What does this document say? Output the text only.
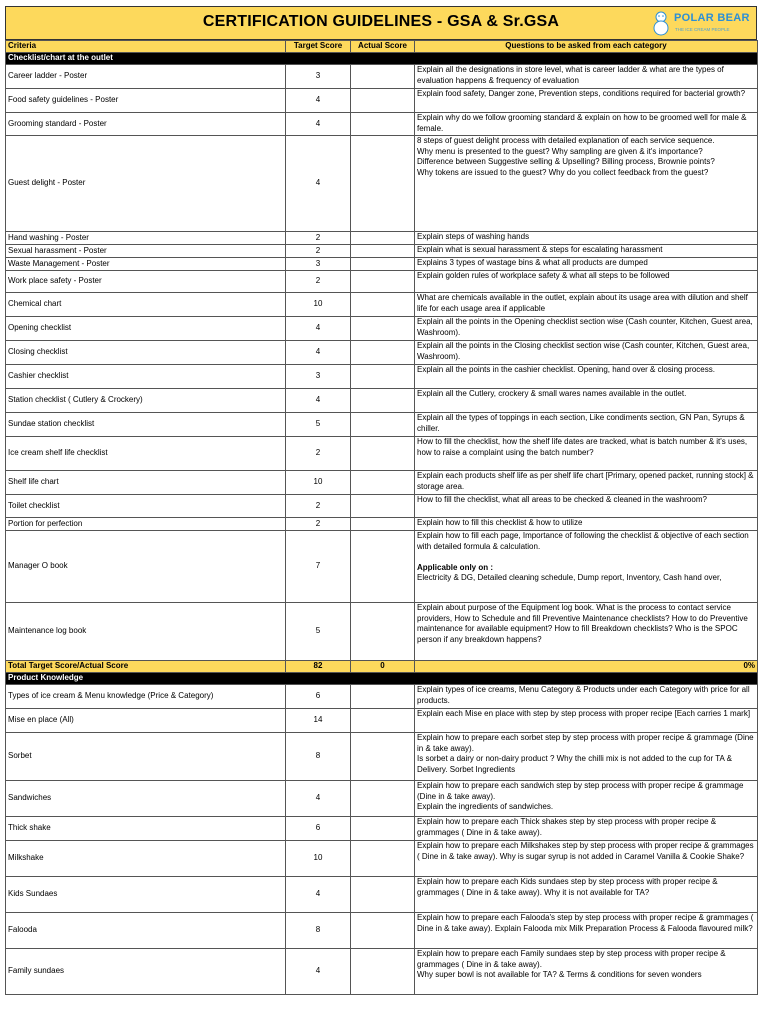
CERTIFICATION GUIDELINES - GSA & Sr.GSA	POLAR BEAR
THE ICE CREAM PEOPLE
Criteria	Target Score	Actual Score	Questions to be asked from each category
Checklist/chart at the outlet			
Career ladder - Poster	3		Explain all the designations in store level, what is career ladder & what are the types of evaluation happens & frequency of evaluation
Food safety guidelines - Poster	4		Explain food safety, Danger zone, Prevention steps, conditions required for bacterial growth?
Grooming standard - Poster	4		Explain why do we follow grooming standard & explain on how to be groomed well for male & female.
Guest delight - Poster	4		8 steps of guest delight process with detailed explanation of each service sequence.
Why menu is presented to the guest? Why sampling are given & it's importance?
Difference between Suggestive selling & Upselling? Billing process, Brownie points?
Why tokens are issued to the guest? Why do you collect feedback from the guest?
Hand washing - Poster	2		Explain steps of washing hands
Sexual harassment - Poster	2		Explain what is sexual harassment & steps for escalating harassment
Waste Management - Poster	3		Explains 3 types of wastage bins & what all products are dumped
Work place safety - Poster	2		Explain golden rules of workplace safety & what all steps to be followed
Chemical chart	10		What are chemicals available in the outlet, explain about its usage area with dilution and shelf life for each usage area if applicable
Opening checklist	4		Explain all the points in the Opening checklist section wise (Cash counter, Kitchen, Guest area, Washroom).
Closing checklist	4		Explain all the points in the Closing checklist section wise (Cash counter, Kitchen, Guest area, Washroom).
Cashier checklist	3		Explain all the points in the cashier checklist. Opening, hand over & closing process.
Station checklist ( Cutlery & Crockery)	4		Explain all the Cutlery, crockery & small wares names available in the outlet.
Sundae station checklist	5		Explain all the types of toppings in each section, Like condiments section, GN Pan, Syrups & chiller.
Ice cream shelf life checklist	2		How to fill the checklist, how the shelf life dates are tracked, what is batch number & it's uses, how to raise a complaint using the batch number?
Shelf life chart	10		Explain each products shelf life as per shelf life chart [Primary, opened packet, running stock] & storage area.
Toilet checklist	2		How to fill the checklist, what all areas to be checked & cleaned in the washroom?
Portion for perfection	2		Explain how to fill this checklist & how to utilize
Manager O book	7		Explain how to fill each page, Importance of following the checklist & objective of each section with detailed formula & calculation.

Applicable only on :
Electricity & DG, Detailed cleaning schedule, Dump report, Inventory, Cash hand over,
Maintenance log book	5		Explain about purpose of the Equipment log book. What is the process to contact service providers, How to Schedule and fill Preventive Maintenance checklists? How to do Preventive maintenance for available equipment? How to fill Breakdown checklists? Who is the SPOC person if any breakdown happens?
Total Target Score/Actual Score	82	0	0%
Product Knowledge			
Types of ice cream & Menu knowledge (Price & Category)	6		Explain types of ice creams, Menu Category & Products under each Category with price for all products.
Mise en place (All)	14		Explain each Mise en place with step by step process with proper recipe [Each carries 1 mark]
Sorbet	8		Explain how to prepare each sorbet step by step process with proper recipe & grammage (Dine in & take away).
Is sorbet a dairy or non-dairy product ? Why the chilli mix is not added to the cup for TA & Delivery. Sorbet Ingredients
Sandwiches	4		Explain how to prepare each sandwich step by step process with proper recipe & grammage (Dine in & take away).
Explain the ingredients of sandwiches.
Thick shake	6		Explain how to prepare each Thick shakes step by step process with proper recipe & grammages ( Dine in & take away).
Milkshake	10		Explain how to prepare each Milkshakes step by step process with proper recipe & grammages ( Dine in & take away). Why is sugar syrup is not added in Caramel Vanilla & Cookie Shake?
Kids Sundaes	4		Explain how to prepare each Kids sundaes step by step process with proper recipe & grammages ( Dine in & take away). Why it is not available for TA?
Falooda	8		Explain how to prepare each Falooda's step by step process with proper recipe & grammages ( Dine in & take away). Explain Falooda mix Milk Preparation Process & Falooda flavoured milk?
Family sundaes	4		Explain how to prepare each Family sundaes step by step process with proper recipe & grammages ( Dine in & take away).
Why super bowl is not available for TA? & Terms & conditions for seven wonders
